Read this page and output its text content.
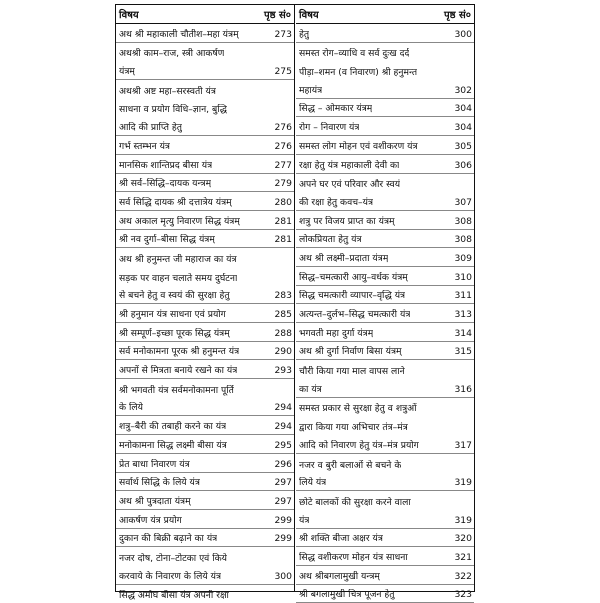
विषय	पृष्ठ सं०
अथ श्री महाकाली चौतीश–महा यंत्रम्	273
अथश्री काम–राज, स्त्री आकर्षण
यंत्रम्	275
अथश्री अष्ट महा–सरस्वती यंत्र
साधना व प्रयोग विधि–ज्ञान, बुद्धि
आदि की प्राप्ति हेतु	276
गर्भ स्तम्भन यंत्र	276
मानसिक शान्तिप्रद बीसा यंत्र	277
श्री सर्व–सिद्धि–दायक यन्त्रम्	279
सर्व सिद्धि दायक श्री दत्तात्रेय यंत्रम्	280
अथ अकाल मृत्यु निवारण सिद्ध यंत्रम्	281
श्री नव दुर्गा–बीसा सिद्ध यंत्रम्	281
अथ श्री हनुमन्त जी महाराज का यंत्र
सड़क पर वाहन चलाते समय दुर्घटना
से बचने हेतु व स्वयं की सुरक्षा हेतु	283
श्री हनुमान यंत्र साधना एवं प्रयोग	285
श्री सम्पूर्ण–इच्छा पूरक सिद्ध यंत्रम्	288
सर्व मनोकामना पूरक श्री हनुमन्त यंत्र	290
अपनों से मित्रता बनाये रखने का यंत्र	293
श्री भगवती यंत्र सर्वमनोकामना पूर्ति
के लिये	294
शत्रु–बैरी की तबाही करने का यंत्र	294
मनोकामना सिद्ध लक्ष्मी बीसा यंत्र	295
प्रेत बाधा निवारण यंत्र	296
सर्वार्थ सिद्धि के लिये यंत्र	297
अथ श्री पुत्रदाता यंत्रम्	297
आकर्षण यंत्र प्रयोग	299
दुकान की बिक्री बढ़ाने का यंत्र	299
नजर दोष, टोना–टोटका एवं किये
करवाये के निवारण के लिये यंत्र	300
सिद्ध अमोघ बीसा यंत्र अपनी रक्षा
विषय	पृष्ठ सं०
हेतु	300
समस्त रोग–व्याधि व सर्व दुःख दर्द
पीड़ा–शमन (व निवारण) श्री हनुमन्त
महायंत्र	302
सिद्ध – ओमकार यंत्रम्	304
रोग – निवारण यंत्र	304
समस्त लोग मोहन एवं वशीकरण यंत्र	305
रक्षा हेतु यंत्र महाकाली देवी का	306
अपने घर एवं परिवार और स्वयं
की रक्षा हेतु कवच–यंत्र	307
शत्रु पर विजय प्राप्त का यंत्रम्	308
लोकप्रियता हेतु यंत्र	308
अथ श्री लक्ष्मी–प्रदाता यंत्रम्	309
सिद्ध–चमत्कारी आयु–वर्धक यंत्रम्	310
सिद्ध चमत्कारी व्यापार–वृद्धि यंत्र	311
अत्यन्त–दुर्लभ–सिद्ध चमत्कारी यंत्र	313
भगवती महा दुर्गा यंत्रम्	314
अथ श्री दुर्गा निर्वाण बिसा यंत्रम्	315
चौरी किया गया माल वापस लाने
का यंत्र	316
समस्त प्रकार से सुरक्षा हेतु व शत्रुओं
द्वारा किया गया अभिचार तंत्र–मंत्र
आदि को निवारण हेतु यंत्र–मंत्र प्रयोग	317
नजर व बुरी बलाओं से बचने के
लिये यंत्र	319
छोटे बालकों की सुरक्षा करने वाला
यंत्र	319
श्री शक्ति बीजा अक्षर यंत्र	320
सिद्ध वशीकरण मोहन यंत्र साधना	321
अथ श्रीबगलामुखी यन्त्रम्	322
श्री बगलामुखी चित्र पूजन हेतु	323
